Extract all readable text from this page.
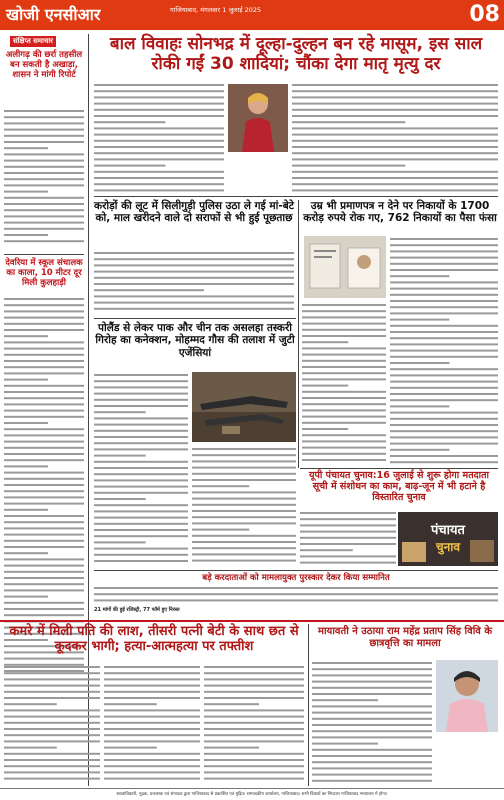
खोजी एनसीआर	गाजियाबाद, मंगलवार 1 जुलाई 2025	08
संक्षिप्त समाचार
अलीगढ़ की छर्रा तहसील बन सकती है अखाड़ा, शासन ने मांगी रिपोर्ट
देवरिया में स्कूल संचालक का काला, 10 मीटर दूर मिली कुलहाड़ी
बाल विवाहः सोनभद्र में दूल्हा-दुल्हन बन रहे मासूम, इस साल रोकी गईं 30 शादियां; चौंका देगा मातृ मृत्यु दर
करोड़ों की लूट में सिलीगुड़ी पुलिस उठा ले गई मां-बेटे को, माल खरीदने वाले दो सराफों से भी हुई पूछताछ
उम्र भी प्रमाणपत्र न देने पर निकायों के 1700 करोड़ रुपये रोक गए, 762 निकायों का पैसा फंसा
पोलैंड से लेकर पाक और चीन तक असलहा तस्करी गिरोह का कनेक्शन, मोहम्मद गौस की तलाश में जुटी एजेंसियां
यूपी पंचायत चुनाव:16 जुलाई से शुरू होगा मतदाता सूची में संशोधन का काम, बाढ़-जून में भी हटाने है विस्तारित चुनाव
पंचायत
चुनाव
बड़े करदाताओं को मामलायुक्त पुरस्कार देकर किया सम्मानित
21 मांगों की हुई रजिस्ट्री, 77 फॉर्म हुए निरस्त
कमरे में मिली पति की लाश, तीसरी पत्नी बेटी के साथ छत से कूदकर भागी; हत्या-आत्महत्या पर तफ्तीश
मायावती ने उठाया राम महेंद्र प्रताप सिंह विवि के छात्रवृत्ति का मामला
स्वत्वाधिकारी, मुद्रक, प्रकाशक एवं संपादक द्वारा गाजियाबाद से प्रकाशित एवं मुद्रित। सम्पादकीय कार्यालय, गाजियाबाद। सभी विवादों का निपटारा गाजियाबाद न्यायालय में होगा।
